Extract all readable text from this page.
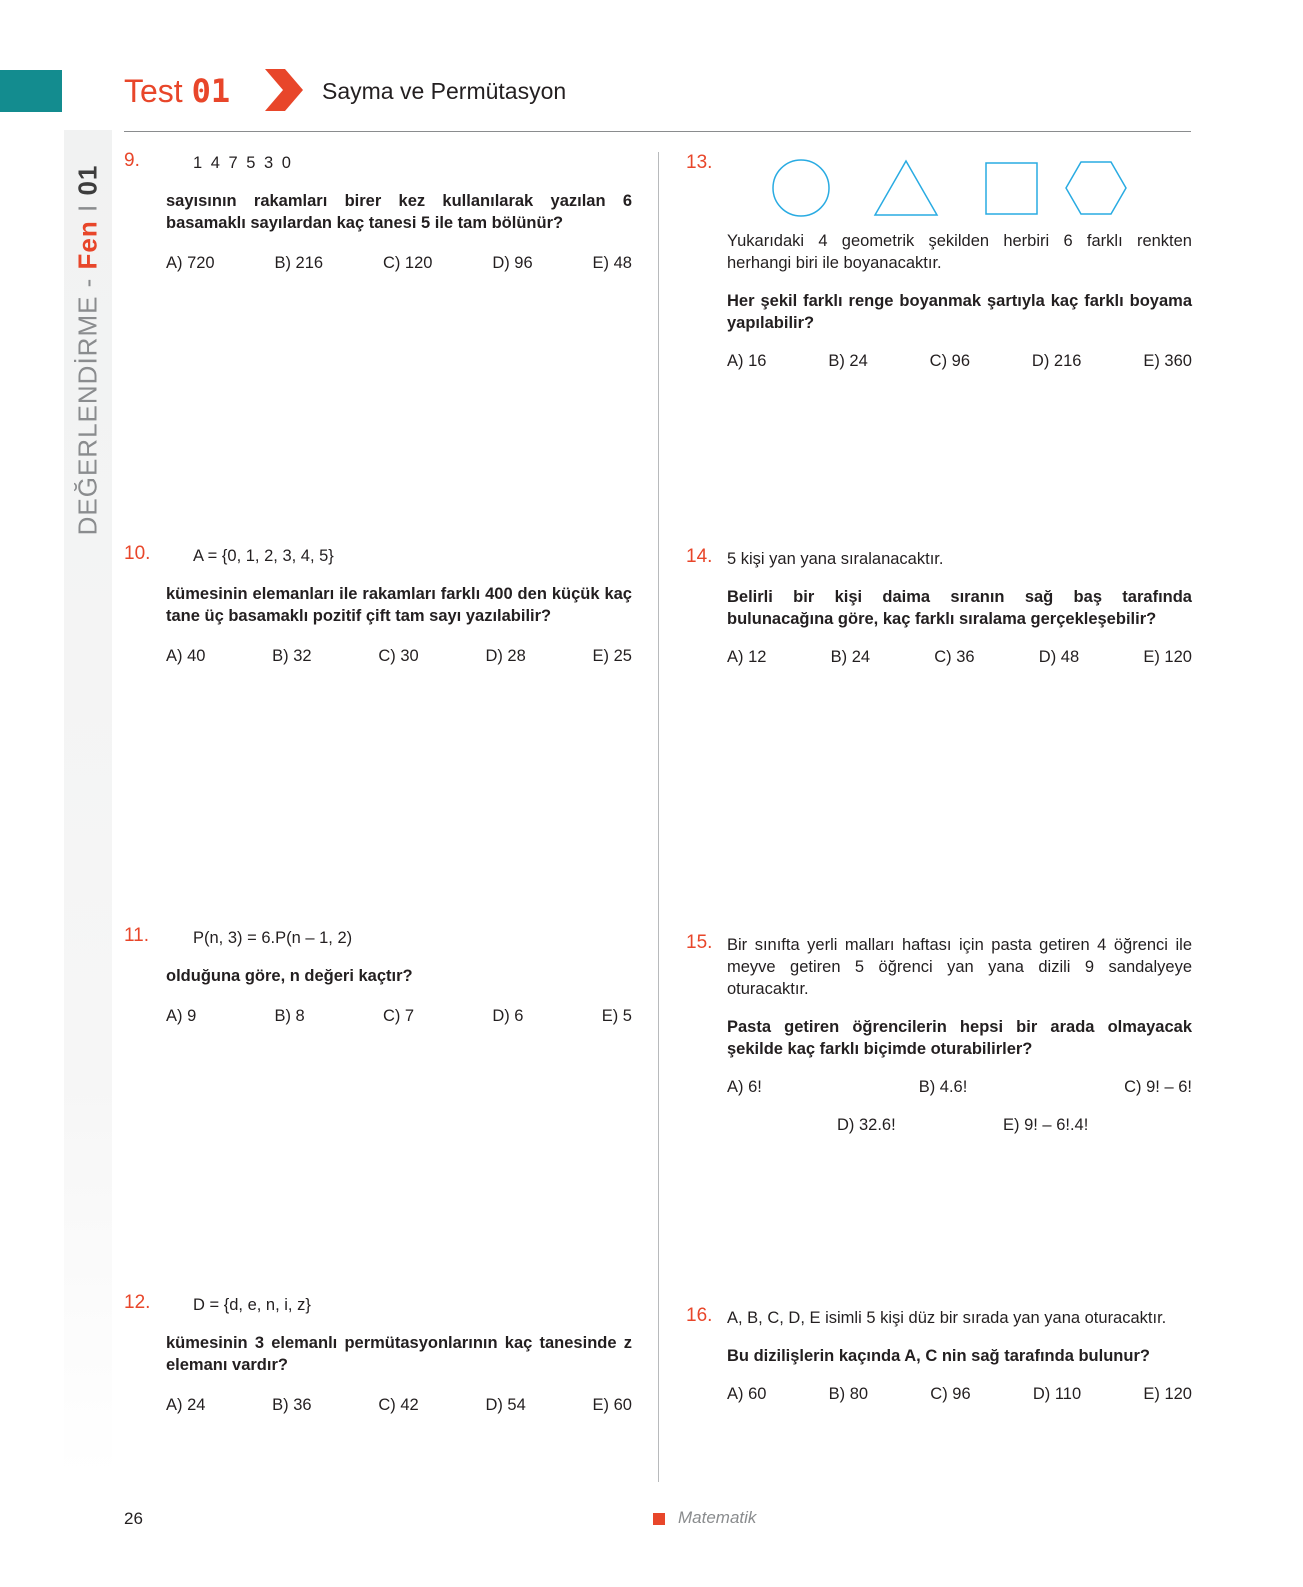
Test 01	Sayma ve Permütasyon
DEĞERLENDİRME - Fen I 01
9.	1 4 7 5 3 0

sayısının rakamları birer kez kullanılarak yazılan 6 basamaklı sayılardan kaç tanesi 5 ile tam bölünür?

A) 720	B) 216	C) 120	D) 96	E) 48
10.	A = {0, 1, 2, 3, 4, 5}

kümesinin elemanları ile rakamları farklı 400 den küçük kaç tane üç basamaklı pozitif çift tam sayı yazılabilir?

A) 40	B) 32	C) 30	D) 28	E) 25
11.	P(n, 3) = 6.P(n – 1, 2)

olduğuna göre, n değeri kaçtır?

A) 9	B) 8	C) 7	D) 6	E) 5
12.	D = {d, e, n, i, z}

kümesinin 3 elemanlı permütasyonlarının kaç tanesinde z elemanı vardır?

A) 24	B) 36	C) 42	D) 54	E) 60
13.

Yukarıdaki 4 geometrik şekilden herbiri 6 farklı renkten herhangi biri ile boyanacaktır.

Her şekil farklı renge boyanmak şartıyla kaç farklı boyama yapılabilir?

A) 16	B) 24	C) 96	D) 216	E) 360
14. 5 kişi yan yana sıralanacaktır.

Belirli bir kişi daima sıranın sağ baş tarafında bulunacağına göre, kaç farklı sıralama gerçekleşebilir?

A) 12	B) 24	C) 36	D) 48	E) 120
15. Bir sınıfta yerli malları haftası için pasta getiren 4 öğrenci ile meyve getiren 5 öğrenci yan yana dizili 9 sandalyeye oturacaktır.

Pasta getiren öğrencilerin hepsi bir arada olmayacak şekilde kaç farklı biçimde oturabilirler?

A) 6!	B) 4.6!	C) 9! – 6!
D) 32.6!	E) 9! – 6!.4!
16. A, B, C, D, E isimli 5 kişi düz bir sırada yan yana oturacaktır.

Bu dizilişlerin kaçında A, C nin sağ tarafında bulunur?

A) 60	B) 80	C) 96	D) 110	E) 120
26	Matematik
